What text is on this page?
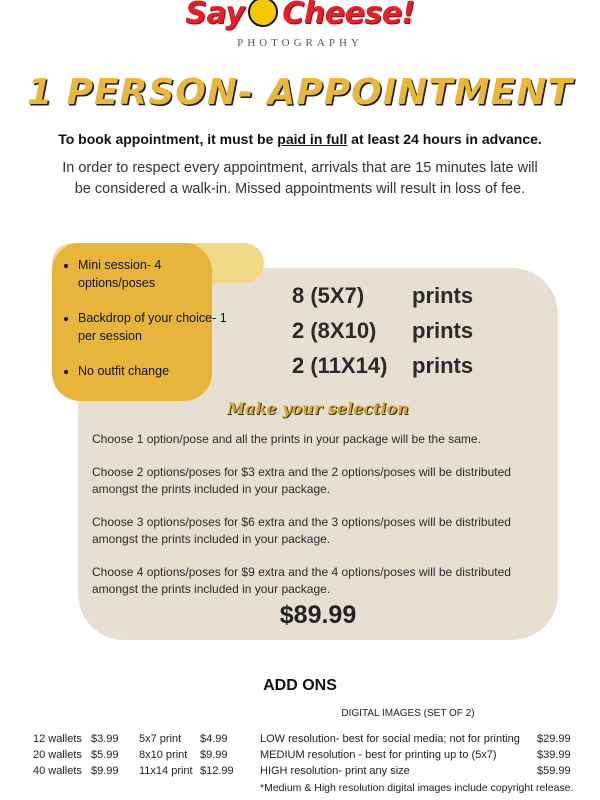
Say Cheese!
PHOTOGRAPHY
1 PERSON- APPOINTMENT
To book appointment, it must be paid in full at least 24 hours in advance.
In order to respect every appointment, arrivals that are 15 minutes late will be considered a walk-in. Missed appointments will result in loss of fee.
• Mini session- 4 options/poses
• Backdrop of your choice- 1 per session
• No outfit change
8 (5X7) prints
2 (8X10) prints
2 (11X14) prints
Make your selection
Choose 1 option/pose and all the prints in your package will be the same.
Choose 2 options/poses for $3 extra and the 2 options/poses will be distributed amongst the prints included in your package.
Choose 3 options/poses for $6 extra and the 3 options/poses will be distributed amongst the prints included in your package.
Choose 4 options/poses for $9 extra and the 4 options/poses will be distributed amongst the prints included in your package.
$89.99
ADD ONS
DIGITAL IMAGES (SET OF 2)
12 wallets	$3.99
20 wallets	$5.99
40 wallets	$9.99
5x7 print	$4.99
8x10 print	$9.99
11x14 print	$12.99
LOW resolution- best for social media; not for printing	$29.99
MEDIUM resolution - best for printing up to (5x7)	$39.99
HIGH resolution- print any size	$59.99
*Medium & High resolution digital images include copyright release.
